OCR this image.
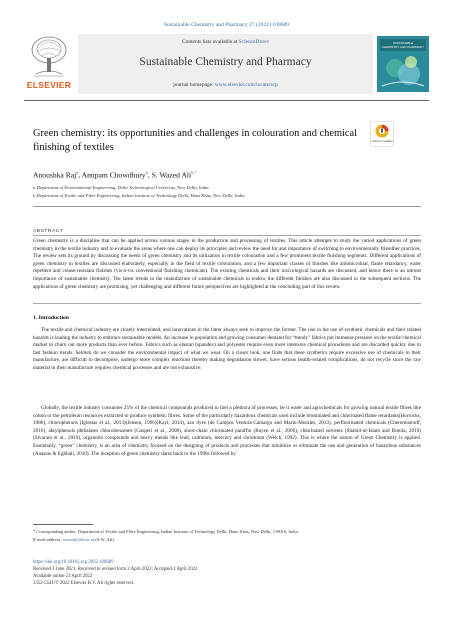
Sustainable Chemistry and Pharmacy 27 (2022) 100689
ELSEVIER
Contents lists available at ScienceDirect
Sustainable Chemistry and Pharmacy
journal homepage: www.elsevier.com/locate/scp
SUSTAINABLE
CHEMISTRY AND PHARMACY
Green chemistry: its opportunities and challenges in colouration and chemical finishing of textiles	Check for updates
Anoushka Raj$^a$, Anupam Chowdhury$^b$, S. Wazed Ali$^{b,*}$
a Department of Environmental Engineering, Delhi Technological University, New Delhi, India
b Department of Textile and Fibre Engineering, Indian Institute of Technology Delhi, Hauz Khas, New Delhi, India
ABSTRACT
Green chemistry is a discipline that can be applied across various stages in the production and processing of textiles. This article attempts to study the varied applications of green chemistry in the textile industry and to evaluate the areas where one can deploy its principles and review the need for and importance of switching to environmentally friendlier practices. The review sets its ground by discussing the needs of green chemistry and its utilization in textile colouration and a few prominent textile finishing segments. Different applications of green chemistry in textiles are discussed elaborately, especially in the field of textile colouration, and a few important classes of finishes like antimicrobial, flame retardancy, water repellent and crease-resistant finishes (vis-à-vis conventional finishing chemicals). The existing chemicals and their toxicological hazards are discussed, and hence there is an utmost importance of sustainable chemistry. The latest trends in the manufacture of sustainable chemicals to endow the different finishes are also discussed in the subsequent sections. The applications of green chemistry are promising, yet challenging and different future perspectives are highlighted at the concluding part of this review.
1. Introduction
The textile and chemical industry are closely interrelated, and innovations in the latter always seek to improve the former. The rise in the use of synthetic chemicals and their related hazards is leading the industry to embrace sustainable models. An increase in population and growing consumer demand for “trendy” fabrics put immense pressure on the textile chemical market to churn out more products than ever before. Fabrics such as elastan (spandex) and polyester require even more intensive chemical procedures and are discarded quickly due to fast fashion trends. Seldom do we consider the environmental impact of what we wear. On a closer look, one finds that these synthetics require excessive use of chemicals in their manufacture, are difficult to decompose, undergo more complex reactions thereby making degradation slower, have serious health-related complications, do not recycle since the raw material in their manufacture requires chemical processes and are not exhaustive.
Globally, the textile industry consumes 25% of the chemical compounds produced to fuel a plethora of processes, be it water and agrochemicals for growing natural textile fibres like cotton or the petroleum resources extracted to produce synthetic fibres. Some of the particularly hazardous chemicals used include brominated and chlorinated flame retardants(Horrocks, 1986), chlorophenols (Iglesias et al., 2013)(Jensen, 1996)(Kayi, 2014), azo dyes (de Campos Ventura-Camargo and Marin-Morales, 2013), perfluorinated chemicals (Cheremisinoff, 2016), alkylphenols phthalates chlorobenzenes (Gasperi et al., 2008), short-chain chlorinated paraffin (Bayen et al., 2006), chlorinated solvents (Shahid-ul-Islam and Butola, 2019)(Sivaram et al., 2019), organotin compounds and heavy metals like lead, cadmium, mercury and chromium (Welch, 1992). This is where the notion of Green Chemistry is applied. Essentially, “green” chemistry, is an area of chemistry focused on the designing of products and processes that minimize or eliminate the use and generation of hazardous substances (Anastas & Eghbali, 2010). The inception of green chemistry dates back to the 1990s followed by
* Corresponding author. Department of Textile and Fibre Engineering, Indian Institute of Technology Delhi, Hauz Khas, New Delhi, 110016, India.
E-mail address: wazed@iitd.ac.in (S.W. Ali).
https://doi.org/10.1016/j.scp.2022.100689
Received 3 June 2021; Received in revised form 2 April 2022; Accepted 2 April 2022
Available online 23 April 2022
2352-5541/© 2022 Elsevier B.V. All rights reserved.
